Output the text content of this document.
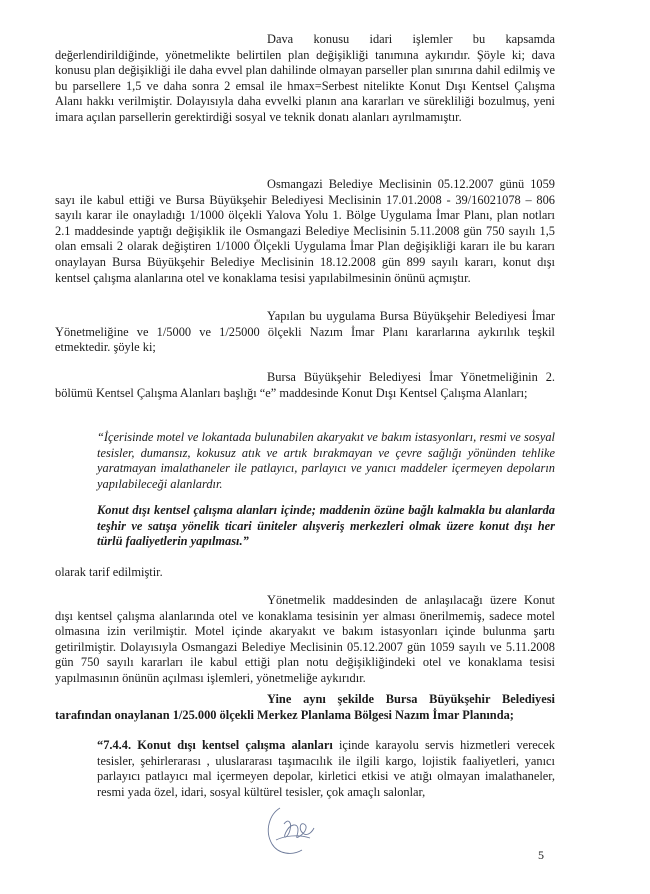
Dava konusu idari işlemler bu kapsamda değerlendirildiğinde, yönetmelikte belirtilen plan değişikliği tanımına aykırıdır. Şöyle ki; dava konusu plan değişikliği ile daha evvel plan dahilinde olmayan parseller plan sınırına dahil edilmiş ve bu parsellere 1,5 ve daha sonra 2 emsal ile hmax=Serbest nitelikte Konut Dışı Kentsel Çalışma Alanı hakkı verilmiştir. Dolayısıyla daha evvelki planın ana kararları ve sürekliliği bozulmuş, yeni imara açılan parsellerin gerektirdiği sosyal ve teknik donatı alanları ayrılmamıştır.

Osmangazi Belediye Meclisinin 05.12.2007 günü 1059 sayı ile kabul ettiği ve Bursa Büyükşehir Belediyesi Meclisinin 17.01.2008 - 39/16021078 – 806 sayılı karar ile onayladığı 1/1000 ölçekli Yalova Yolu 1. Bölge Uygulama İmar Planı, plan notları 2.1 maddesinde yaptığı değişiklik ile Osmangazi Belediye Meclisinin 5.11.2008 gün 750 sayılı 1,5 olan emsali 2 olarak değiştiren 1/1000 Ölçekli Uygulama İmar Plan değişikliği kararı ile bu kararı onaylayan Bursa Büyükşehir Belediye Meclisinin 18.12.2008 gün 899 sayılı kararı, konut dışı kentsel çalışma alanlarına otel ve konaklama tesisi yapılabilmesinin önünü açmıştır.

Yapılan bu uygulama Bursa Büyükşehir Belediyesi İmar Yönetmeliğine ve 1/5000 ve 1/25000 ölçekli Nazım İmar Planı kararlarına aykırılık teşkil etmektedir. şöyle ki;

Bursa Büyükşehir Belediyesi İmar Yönetmeliğinin 2. bölümü Kentsel Çalışma Alanları başlığı “e” maddesinde Konut Dışı Kentsel Çalışma Alanları;

“İçerisinde motel ve lokantada bulunabilen akaryakıt ve bakım istasyonları, resmi ve sosyal tesisler, dumansız, kokusuz atık ve artık bırakmayan ve çevre sağlığı yönünden tehlike yaratmayan imalathaneler ile patlayıcı, parlayıcı ve yanıcı maddeler içermeyen depoların yapılabileceği alanlardır.

Konut dışı kentsel çalışma alanları içinde; maddenin özüne bağlı kalmakla bu alanlarda teşhir ve satışa yönelik ticari üniteler alışveriş merkezleri olmak üzere konut dışı her türlü faaliyetlerin yapılması.”

olarak tarif edilmiştir.

Yönetmelik maddesinden de anlaşılacağı üzere Konut dışı kentsel çalışma alanlarında otel ve konaklama tesisinin yer alması önerilmemiş, sadece motel olmasına izin verilmiştir. Motel içinde akaryakıt ve bakım istasyonları içinde bulunma şartı getirilmiştir. Dolayısıyla Osmangazi Belediye Meclisinin 05.12.2007 gün 1059 sayılı ve 5.11.2008 gün 750 sayılı kararları ile kabul ettiği plan notu değişikliğindeki otel ve konaklama tesisi yapılmasının önünün açılması işlemleri, yönetmeliğe aykırıdır.

Yine aynı şekilde Bursa Büyükşehir Belediyesi tarafından onaylanan 1/25.000 ölçekli Merkez Planlama Bölgesi Nazım İmar Planında;

“7.4.4. Konut dışı kentsel çalışma alanları içinde karayolu servis hizmetleri verecek tesisler, şehirlerarası , uluslararası taşımacılık ile ilgili kargo, lojistik faaliyetleri, yanıcı parlayıcı patlayıcı mal içermeyen depolar, kirletici etkisi ve atığı olmayan imalathaneler, resmi yada özel, idari, sosyal kültürel tesisler, çok amaçlı salonlar,

5
